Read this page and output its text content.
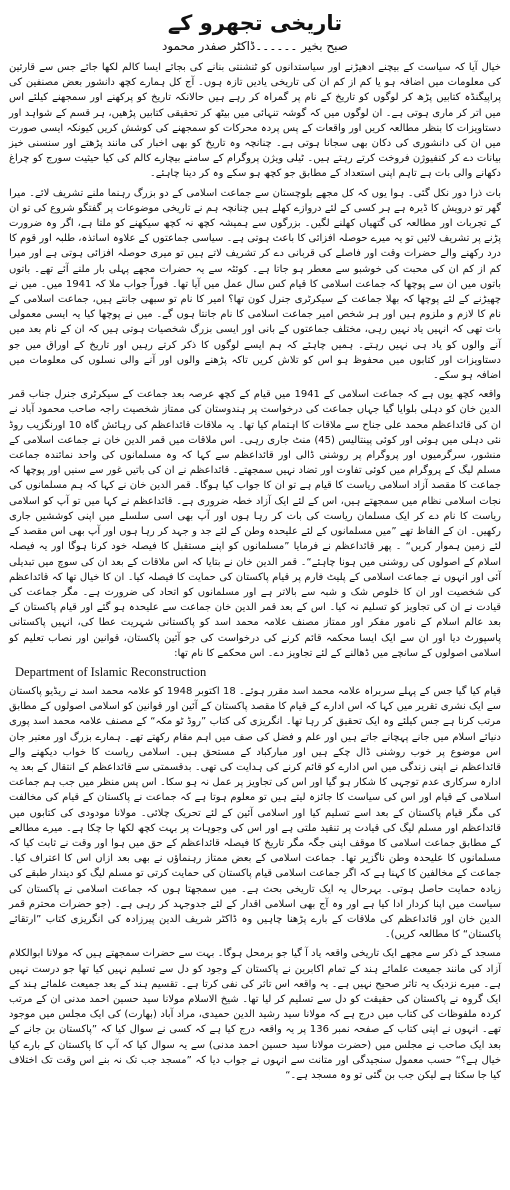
تاریخی تجھرو کے
صبح بخیر ۔۔۔۔۔۔ڈاکٹر صفدر محمود

خیال آیا کہ سیاست کے بیچنے ادھیڑنے اور سیاستدانوں کو ٹنشنتی بنانے کی بجائے ایسا کالم لکھا جائے جس سے قارئین کی معلومات میں اضافہ ہو یا کم از کم ان کی تاریخی یادیں تازہ ہوں۔ آج کل ہمارے کچھ دانشور بعض مصنفین کی پراپیگنڈہ کتابیں پڑھ کر لوگوں کو تاریخ کے نام پر گمراہ کر رہے ہیں حالانکہ تاریخ کو پرکھنے اور سمجھنے کیلئے اس میں اتر کر ماری ہوتی ہے۔ ان لوگوں میں کہ گوشہ تنہائی میں بیٹھ کر تحقیقی کتابیں پڑھیں، ہر قسم کے شواہد اور دستاویزات کا بنظر مطالعہ کریں اور واقعات کے پس پردہ محرکات کو سمجھنے کی کوشش کریں کیونکہ ایسی صورت میں ان کی دانشوری کی دکان بھی سجانا ہوتی ہے۔ چنانچہ وہ تاریخ کو بھی اخبار کی مانند پڑھتے اور سنسنی خیز بیانات دے کر کنفیوژن فروخت کرتے رہتے ہیں۔ ٹیلی ویژن پروگرام کے سامنے بیچارے کالم کی کیا حیثیت سورج کو چراغ دکھانے والی بات ہے تاہم اپنی استعداد کے مطابق جو کچھ ہو سکے وہ کر دینا چاہئے۔

بات ذرا دور نکل گئی۔ ہوا یوں کہ کل مجھے بلوچستان سے جماعت اسلامی کے دو بزرگ رہنما ملنے تشریف لائے۔ میرا گھر تو درویش کا ڈیرہ ہے ہر کسی کے لئے دروازے کھلے ہیں چنانچہ ہم نے تاریخی موضوعات پر گفتگو شروع کی تو ان کے تجربات اور مطالعہ کی گتھیاں کھلنے لگیں۔ بزرگوں سے ہمیشہ کچھ نہ کچھ سیکھنے کو ملتا ہے، اگر وہ ضرورت پڑنے پر تشریف لائیں تو یہ میرے حوصلہ افزائی کا باعث ہوتی ہے۔ سیاسی جماعتوں کے علاوہ اساتذہ، طلبہ اور قوم کا درد رکھنے والے حضرات وقت اور فاصلے کی قربانی دے کر تشریف لاتے ہیں تو میری حوصلہ افزائی ہوتی ہے اور میرا کم از کم ان کی محبت کی خوشبو سے معطر ہو جاتا ہے۔ کوئٹہ سے یہ حضرات مجھے پہلی بار ملنے آئے تھے۔ باتوں باتوں میں ان سے پوچھا کہ جماعت اسلامی کا قیام کس سال عمل میں آیا تھا۔ فوراً جواب ملا کہ 1941 میں۔ میں نے چھیڑنے کے لئے پوچھا کہ بھلا جماعت کے سیکرٹری جنرل کون تھا؟ امیر کا نام تو سبھی جانتے ہیں، جماعت اسلامی کے نام کا لازم و ملزوم ہیں اور ہر شخص امیر جماعت اسلامی کا نام جانتا ہوں گے۔ میں نے پوچھا کیا یہ ایسی معمولی بات تھی کہ انہیں یاد نہیں رہی، مختلف جماعتوں کے بانی اور ایسی بزرگ شخصیات ہوتی ہیں کہ ان کے نام بعد میں آنے والوں کو یاد ہی نہیں رہتے۔ ہمیں چاہئے کہ ہم ایسے لوگوں کا ذکر کرتے رہیں اور تاریخ کے اوراق میں جو دستاویزات اور کتابوں میں محفوظ ہو اس کو تلاش کریں تاکہ پڑھنے والوں اور آنے والی نسلوں کی معلومات میں اضافہ ہو سکے۔

واقعہ کچھ یوں ہے کہ جماعت اسلامی کے 1941 میں قیام کے کچھ عرصہ بعد جماعت کے سیکرٹری جنرل جناب قمر الدین خان کو دہلی بلوایا گیا جہاں جماعت کی درخواست پر ہندوستان کی ممتاز شخصیت راجہ صاحب محمود آباد نے ان کی قائداعظم محمد علی جناح سے ملاقات کا اہتمام کیا تھا۔ یہ ملاقات قائداعظم کی رہائش گاہ 10 اورنگزیب روڈ نئی دہلی میں ہوئی اور کوئی پینتالیس (45) منٹ جاری رہی۔ اس ملاقات میں قمر الدین خان نے جماعت اسلامی کے منشور، سرگرمیوں اور پروگرام پر روشنی ڈالی اور قائداعظم سے کہا کہ وہ مسلمانوں کی واحد نمائندہ جماعت مسلم لیگ کے پروگرام میں کوئی تفاوت اور تضاد نہیں سمجھتے۔ قائداعظم نے ان کی باتیں غور سے سنیں اور پوچھا کہ جماعت کا مقصد آزاد اسلامی ریاست کا قیام ہے تو ان کا جواب کیا ہوگا۔ قمر الدین خان نے کہا کہ ہم مسلمانوں کی نجات اسلامی نظام میں سمجھتے ہیں، اس کے لئے ایک آزاد خطہ ضروری ہے۔ قائداعظم نے کہا میں تو آپ کو اسلامی ریاست کا نام دے کر ایک مسلمان ریاست کی بات کر رہا ہوں اور آپ بھی اسی سلسلے میں اپنی کوششیں جاری رکھیں۔ ان کے الفاظ تھے ”میں مسلمانوں کے لئے علیحدہ وطن کے لئے جد و جہد کر رہا ہوں اور آپ بھی اس مقصد کے لئے زمین ہموار کریں“ ۔ پھر قائداعظم نے فرمایا ”مسلمانوں کو اپنے مستقبل کا فیصلہ خود کرنا ہوگا اور یہ فیصلہ اسلام کے اصولوں کی روشنی میں ہونا چاہئے“۔ قمر الدین خان نے بتایا کہ اس ملاقات کے بعد ان کی سوچ میں تبدیلی آئی اور انہوں نے جماعت اسلامی کے پلیٹ فارم پر قیام پاکستان کی حمایت کا فیصلہ کیا۔ ان کا خیال تھا کہ قائداعظم کی شخصیت اور ان کا خلوص شک و شبہ سے بالاتر ہے اور مسلمانوں کو اتحاد کی ضرورت ہے۔ مگر جماعت کی قیادت نے ان کی تجاویز کو تسلیم نہ کیا۔ اس کے بعد قمر الدین خان جماعت سے علیحدہ ہو گئے اور قیام پاکستان کے بعد عالم اسلام کے نامور مفکر اور ممتاز مصنف علامہ محمد اسد کو پاکستانی شہریت عطا کی، انہیں پاکستانی پاسپورٹ دیا اور ان سے ایک ایسا محکمہ قائم کرنے کی درخواست کی جو آئین پاکستان، قوانین اور نصاب تعلیم کو اسلامی اصولوں کے سانچے میں ڈھالنے کے لئے تجاویز دے۔ اس محکمے کا نام تھا:

Department of Islamic Reconstruction

قیام کیا گیا جس کے پہلے سربراہ علامہ محمد اسد مقرر ہوئے۔ 18 اکتوبر 1948 کو علامہ محمد اسد نے ریڈیو پاکستان سے ایک نشری تقریر میں کہا کہ اس ادارے کے قیام کا مقصد پاکستان کے آئین اور قوانین کو اسلامی اصولوں کے مطابق مرتب کرنا ہے جس کیلئے وہ ایک تحقیق کر رہا تھا۔ انگریزی کی کتاب ”روڈ ٹو مکہ“ کے مصنف علامہ محمد اسد پوری دنیائے اسلام میں جانے پہچانے جاتے ہیں اور علم و فضل کی صف میں اہم مقام رکھتے تھے۔ ہمارے بزرگ اور معتبر جان اس موضوع پر خوب روشنی ڈال چکے ہیں اور مبارکباد کے مستحق ہیں۔ اسلامی ریاست کا خواب دیکھنے والے قائداعظم نے اپنی زندگی میں اس ادارے کو قائم کرنے کی ہدایت کی تھی۔ بدقسمتی سے قائداعظم کے انتقال کے بعد یہ ادارہ سرکاری عدم توجہی کا شکار ہو گیا اور اس کی تجاویز پر عمل نہ ہو سکا۔ اس پس منظر میں جب ہم جماعت اسلامی کے قیام اور اس کی سیاست کا جائزہ لیتے ہیں تو معلوم ہوتا ہے کہ جماعت نے پاکستان کے قیام کی مخالفت کی مگر قیام پاکستان کے بعد اسے تسلیم کیا اور اسلامی آئین کے لئے تحریک چلائی۔ مولانا مودودی کی کتابوں میں قائداعظم اور مسلم لیگ کی قیادت پر تنقید ملتی ہے اور اس کی وجوہات پر بہت کچھ لکھا جا چکا ہے۔ میرے مطالعے کے مطابق جماعت اسلامی کا موقف اپنی جگہ مگر تاریخ کا فیصلہ قائداعظم کے حق میں ہوا اور وقت نے ثابت کیا کہ مسلمانوں کا علیحدہ وطن ناگزیر تھا۔ جماعت اسلامی کے بعض ممتاز رہنماؤں نے بھی بعد ازاں اس کا اعتراف کیا۔ جماعت کے مخالفین کا کہنا ہے کہ اگر جماعت اسلامی قیام پاکستان کی حمایت کرتی تو مسلم لیگ کو دیندار طبقے کی زیادہ حمایت حاصل ہوتی۔ بہرحال یہ ایک تاریخی بحث ہے۔ میں سمجھتا ہوں کہ جماعت اسلامی نے پاکستان کی سیاست میں اپنا کردار ادا کیا ہے اور وہ آج بھی اسلامی اقدار کے لئے جدوجہد کر رہی ہے۔ (جو حضرات محترم قمر الدین خان اور قائداعظم کی ملاقات کے بارے پڑھنا چاہیں وہ ڈاکٹر شریف الدین پیرزادہ کی انگریزی کتاب ”ارتقائے پاکستان“ کا مطالعہ کریں)۔

مسجد کے ذکر سے مجھے ایک تاریخی واقعہ یاد آ گیا جو برمحل ہوگا۔ بہت سے حضرات سمجھتے ہیں کہ مولانا ابوالکلام آزاد کی مانند جمیعت علمائے ہند کے تمام اکابرین نے پاکستان کے وجود کو دل سے تسلیم نہیں کیا تھا جو درست نہیں ہے۔ میرے نزدیک یہ تاثر صحیح نہیں ہے۔ یہ واقعہ اس تاثر کی نفی کرتا ہے۔ تقسیم ہند کے بعد جمیعت علمائے ہند کے ایک گروہ نے پاکستان کی حقیقت کو دل سے تسلیم کر لیا تھا۔ شیخ الاسلام مولانا سید حسین احمد مدنی ان کے مرتب کردہ ملفوظات کی کتاب میں درج ہے کہ مولانا سید رشید الدین حمیدی، مراد آباد (بھارت) کی ایک مجلس میں موجود تھے۔ انہوں نے اپنی کتاب کے صفحہ نمبر 136 پر یہ واقعہ درج کیا ہے کہ کسی نے سوال کیا کہ ”پاکستان بن جانے کے بعد ایک صاحب نے مجلس میں (حضرت مولانا سید حسین احمد مدنی) سے یہ سوال کیا کہ آپ کا پاکستان کے بارے کیا خیال ہے؟“ حسب معمول سنجیدگی اور متانت سے انہوں نے جواب دیا کہ ”مسجد جب تک نہ بنے اس وقت تک اختلاف کیا جا سکتا ہے لیکن جب بن گئی تو وہ مسجد ہے۔“
